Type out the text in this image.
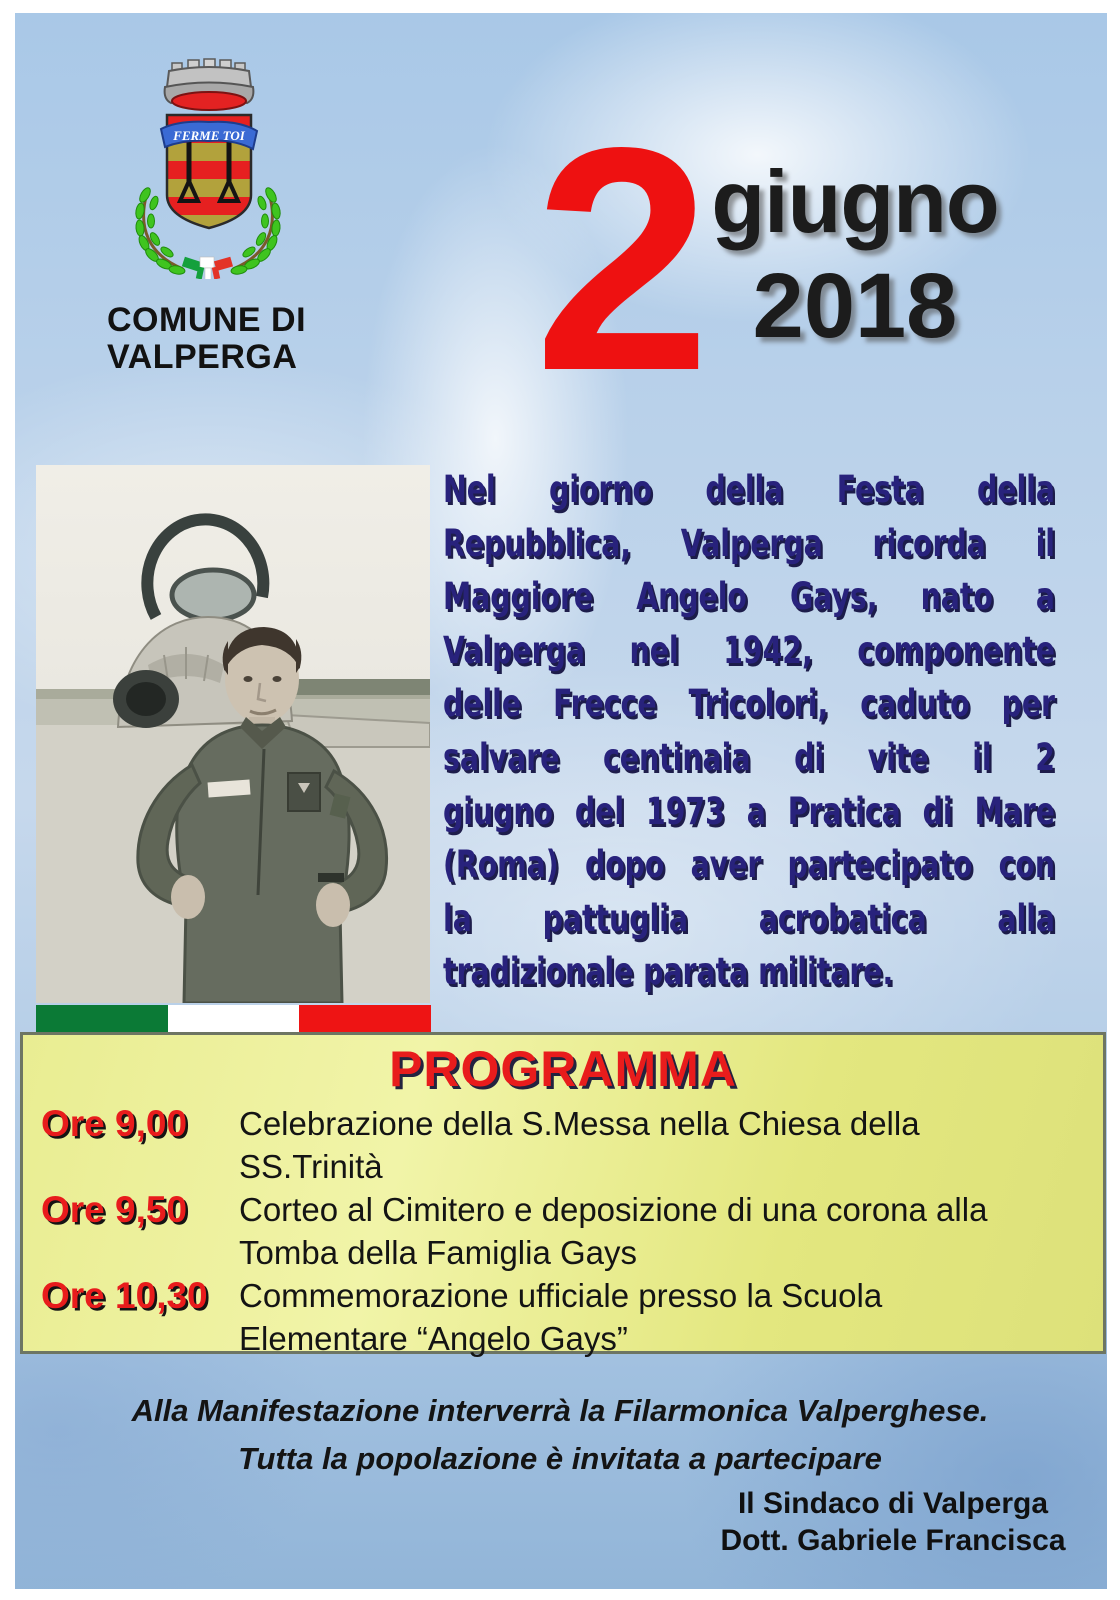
FERME TOI
COMUNE DI
VALPERGA 2 giugno
2018
Nel giorno della Festa della
Repubblica, Valperga ricorda il
Maggiore Angelo Gays, nato a
Valperga nel 1942, componente
delle Frecce Tricolori, caduto per
salvare centinaia di vite il 2
giugno del 1973 a Pratica di Mare
(Roma) dopo aver partecipato con
la pattuglia acrobatica alla
tradizionale parata militare.
PROGRAMMA
Ore 9,00	Celebrazione della S.Messa nella Chiesa della
SS.Trinità
Ore 9,50	Corteo al Cimitero e deposizione di una corona alla
Tomba della Famiglia Gays
Ore 10,30 Commemorazione ufficiale presso la Scuola
Elementare “Angelo Gays”
Alla Manifestazione interverrà la Filarmonica Valperghese.
Tutta la popolazione è invitata a partecipare
Il Sindaco di Valperga
Dott. Gabriele Francisca
